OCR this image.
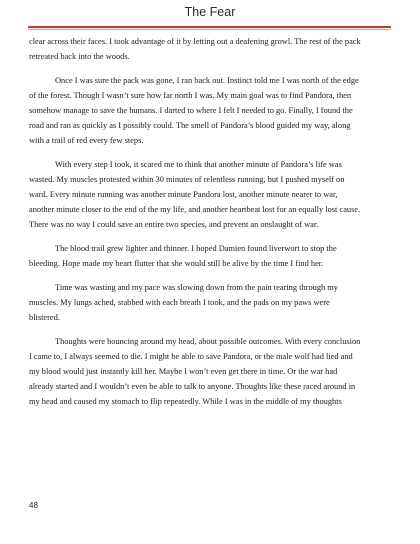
The Fear
clear across their faces. I took advantage of it by letting out a deafening growl. The rest of the pack
retreated back into the woods.
Once I was sure the pack was gone, I ran back out. Instinct told me I was north of the edge
of the forest. Though I wasn’t sure how far north I was. My main goal was to find Pandora, then
somehow manage to save the humans. I darted to where I felt I needed to go. Finally, I found the
road and ran as quickly as I possibly could. The smell of Pandora’s blood guided my way, along
with a trail of red every few steps.
With every step I took, it scared me to think that another minute of Pandora’s life was
wasted. My muscles protested within 30 minutes of relentless running, but I pushed myself on
ward. Every minute running was another minute Pandora lost, another minute nearer to war,
another minute closer to the end of the my life, and another heartbeat lost for an equally lost cause.
There was no way I could save an entire two species, and prevent an onslaught of war.
The blood trail grew lighter and thinner. I hoped Damien found liverwort to stop the
bleeding. Hope made my heart flutter that she would still be alive by the time I find her.
Time was wasting and my pace was slowing down from the pain tearing through my
muscles. My lungs ached, stabbed with each breath I took, and the pads on my paws were
blistered.
Thoughts were bouncing around my head, about possible outcomes. With every conclusion
I came to, I always seemed to die. I might be able to save Pandora, or the male wolf had lied and
my blood would just instantly kill her. Maybe I won’t even get there in time. Or the war had
already started and I wouldn’t even be able to talk to anyone. Thoughts like these raced around in
my head and caused my stomach to flip repeatedly. While I was in the middle of my thoughts
48
